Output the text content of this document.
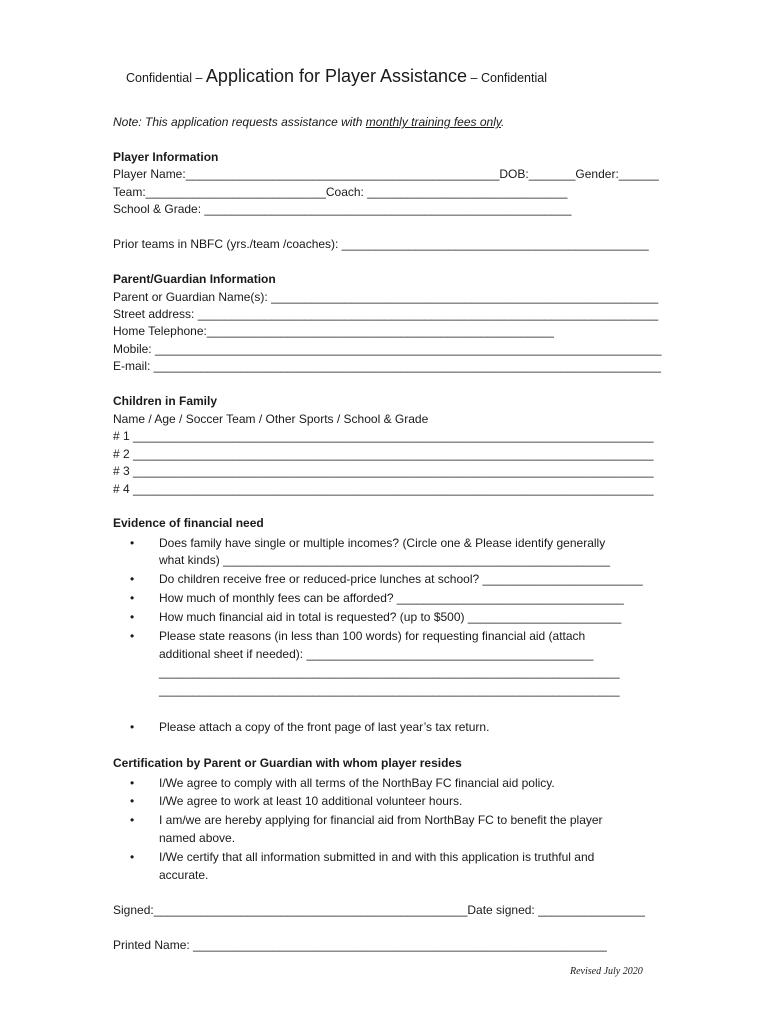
Confidential – Application for Player Assistance – Confidential
Note: This application requests assistance with monthly training fees only.
Player Information
Player Name:_______________________________________________DOB:_______Gender:______
Team:___________________________Coach: ______________________________
School & Grade: _______________________________________________________
Prior teams in NBFC (yrs./team /coaches): ______________________________________________
Parent/Guardian Information
Parent or Guardian Name(s): __________________________________________________________
Street address: _____________________________________________________________________
Home Telephone:____________________________________________________
Mobile: ____________________________________________________________________________
E-mail: ____________________________________________________________________________
Children in Family
Name / Age / Soccer Team / Other Sports / School & Grade
# 1 ______________________________________________________________________________
# 2 ______________________________________________________________________________
# 3 ______________________________________________________________________________
# 4 ______________________________________________________________________________
Evidence of financial need
• Does family have single or multiple incomes? (Circle one & Please identify generally
what kinds) __________________________________________________________
• Do children receive free or reduced-price lunches at school? ________________________
• How much of monthly fees can be afforded? __________________________________
• How much financial aid in total is requested? (up to $500) _______________________
• Please state reasons (in less than 100 words) for requesting financial aid (attach
additional sheet if needed): ___________________________________________
_____________________________________________________________________
_____________________________________________________________________
• Please attach a copy of the front page of last year’s tax return.
Certification by Parent or Guardian with whom player resides
• I/We agree to comply with all terms of the NorthBay FC financial aid policy.
• I/We agree to work at least 10 additional volunteer hours.
• I am/we are hereby applying for financial aid from NorthBay FC to benefit the player
named above.
• I/We certify that all information submitted in and with this application is truthful and
accurate.
Signed:_______________________________________________Date signed: ________________
Printed Name: ______________________________________________________________
Revised July 2020
